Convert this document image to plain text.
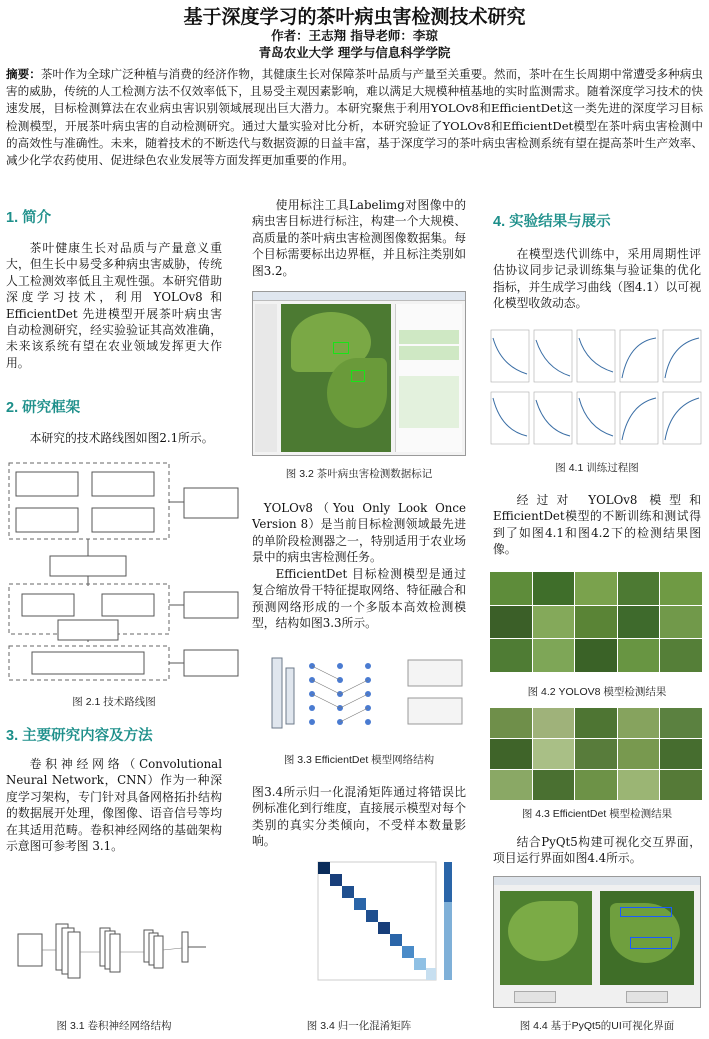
基于深度学习的茶叶病虫害检测技术研究
作者：王志翔 指导老师：李琼
青岛农业大学 理学与信息科学学院
摘要：茶叶作为全球广泛种植与消费的经济作物，其健康生长对保障茶叶品质与产量至关重要。然而，茶叶在生长周期中常遭受多种病虫害的威胁，传统的人工检测方法不仅效率低下，且易受主观因素影响，难以满足大规模种植基地的实时监测需求。随着深度学习技术的快速发展，目标检测算法在农业病虫害识别领域展现出巨大潜力。本研究聚焦于利用YOLOv8和EfficientDet这一类先进的深度学习目标检测模型，开展茶叶病虫害的自动检测研究。通过大量实验对比分析，本研究验证了YOLOv8和EfficientDet模型在茶叶病虫害检测中的高效性与准确性。未来，随着技术的不断迭代与数据资源的日益丰富，基于深度学习的茶叶病虫害检测系统有望在提高茶叶生产效率、减少化学农药使用、促进绿色农业发展等方面发挥更加重要的作用。
1. 简介
茶叶健康生长对品质与产量意义重大，但生长中易受多种病虫害威胁，传统人工检测效率低且主观性强。本研究借助深度学习技术，利用 YOLOv8 和 EfficientDet 先进模型开展茶叶病虫害自动检测研究，经实验验证其高效准确，未来该系统有望在农业领域发挥更大作用。
2. 研究框架
本研究的技术路线图如图2.1所示。
图 2.1 技术路线图
3. 主要研究内容及方法
卷积神经网络（Convolutional Neural Network，CNN）作为一种深度学习架构，专门针对具备网格拓扑结构的数据展开处理，像图像、语音信号等均在其适用范畴。卷积神经网络的基础架构示意图可参考图 3.1。
图 3.1 卷积神经网络结构
使用标注工具Labelimg对图像中的病虫害目标进行标注，构建一个大规模、高质量的茶叶病虫害检测图像数据集。每个目标需要标出边界框，并且标注类别如图3.2。
图 3.2 茶叶病虫害检测数据标记
YOLOv8（You Only Look Once Version 8）是当前目标检测领域最先进的单阶段检测器之一，特别适用于农业场景中的病虫害检测任务。
EfficientDet 目标检测模型是通过复合缩放骨干特征提取网络、特征融合和预测网络形成的一个多版本高效检测模型，结构如图3.3所示。
图 3.3 EfficientDet 模型网络结构
图3.4所示归一化混淆矩阵通过将错误比例标准化到行维度，直接展示模型对每个类别的真实分类倾向，不受样本数量影响。
图 3.4 归一化混淆矩阵
4. 实验结果与展示
在模型迭代训练中，采用周期性评估协议同步记录训练集与验证集的优化指标，并生成学习曲线（图4.1）以可视化模型收敛动态。
图 4.1 训练过程图
经过对 YOLOv8 模型和EfficientDet模型的不断训练和测试得到了如图4.1和图4.2下的检测结果图像。
图 4.2 YOLOV8 模型检测结果
图 4.3 EfficientDet 模型检测结果
结合PyQt5构建可视化交互界面，项目运行界面如图4.4所示。
图 4.4 基于PyQt5的UI可视化界面
